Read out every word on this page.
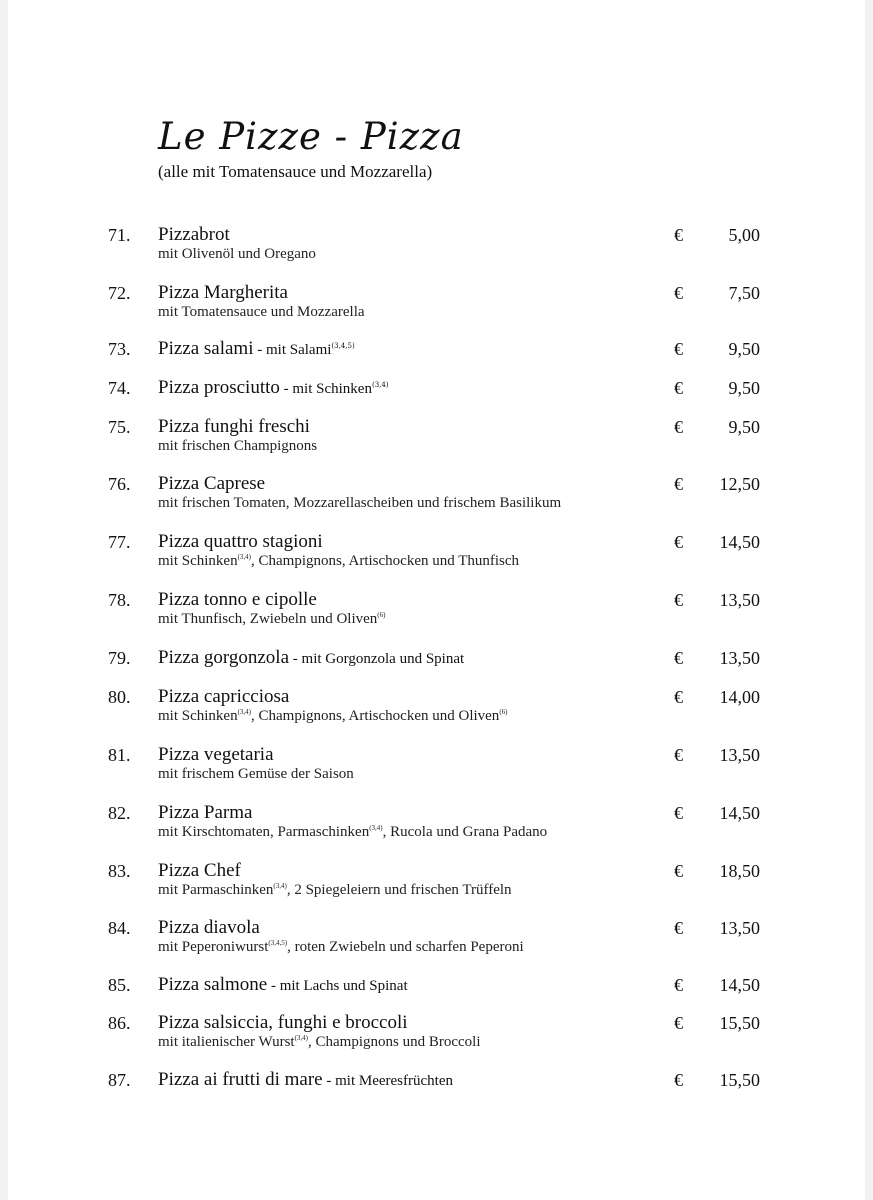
Le Pizze - Pizza
(alle mit Tomatensauce und Mozzarella)
71. Pizzabrot
mit Olivenöl und Oregano
€	5,00
72. Pizza Margherita
mit Tomatensauce und Mozzarella
€	7,50
73. Pizza salami - mit Salami$^{(3,4,5)}$	€	9,50
74. Pizza prosciutto - mit Schinken$^{(3,4)}$	€	9,50
75. Pizza funghi freschi
mit frischen Champignons
€	9,50
76. Pizza Caprese
mit frischen Tomaten, Mozzarellascheiben und frischem Basilikum
€	12,50
77. Pizza quattro stagioni
mit Schinken$^{(3,4)}$, Champignons, Artischocken und Thunfisch
€	14,50
78. Pizza tonno e cipolle
mit Thunfisch, Zwiebeln und Oliven$^{(6)}$
€	13,50
79. Pizza gorgonzola - mit Gorgonzola und Spinat	€	13,50
80. Pizza capricciosa
mit Schinken$^{(3,4)}$, Champignons, Artischocken und Oliven$^{(6)}$
€	14,00
81. Pizza vegetaria
mit frischem Gemüse der Saison
€	13,50
82. Pizza Parma
mit Kirschtomaten, Parmaschinken$^{(3,4)}$, Rucola und Grana Padano
€	14,50
83. Pizza Chef
mit Parmaschinken$^{(3,4)}$, 2 Spiegeleiern und frischen Trüffeln
€	18,50
84. Pizza diavola
mit Peperoniwurst$^{(3,4,5)}$, roten Zwiebeln und scharfen Peperoni
€	13,50
85. Pizza salmone - mit Lachs und Spinat	€	14,50
86. Pizza salsiccia, funghi e broccoli
mit italienischer Wurst$^{(3,4)}$, Champignons und Broccoli
€	15,50
87. Pizza ai frutti di mare - mit Meeresfrüchten	€	15,50
